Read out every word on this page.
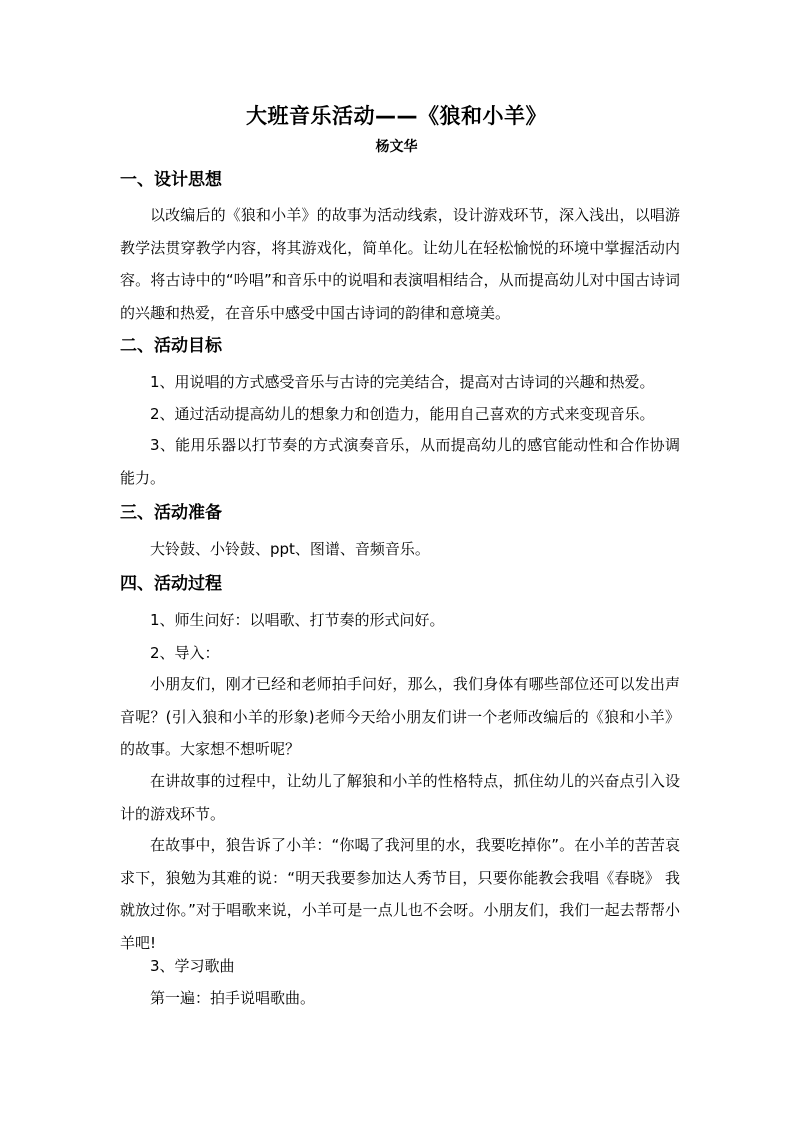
大班音乐活动——《狼和小羊》
杨文华
一、设计思想
以改编后的《狼和小羊》的故事为活动线索，设计游戏环节，深入浅出，以唱游教学法贯穿教学内容，将其游戏化，简单化。让幼儿在轻松愉悦的环境中掌握活动内容。将古诗中的“吟唱”和音乐中的说唱和表演唱相结合，从而提高幼儿对中国古诗词的兴趣和热爱，在音乐中感受中国古诗词的韵律和意境美。
二、活动目标
1、用说唱的方式感受音乐与古诗的完美结合，提高对古诗词的兴趣和热爱。
2、通过活动提高幼儿的想象力和创造力，能用自己喜欢的方式来变现音乐。
3、能用乐器以打节奏的方式演奏音乐，从而提高幼儿的感官能动性和合作协调能力。
三、活动准备
大铃鼓、小铃鼓、ppt、图谱、音频音乐。
四、活动过程
1、师生问好：以唱歌、打节奏的形式问好。
2、导入：
小朋友们，刚才已经和老师拍手问好，那么，我们身体有哪些部位还可以发出声音呢？(引入狼和小羊的形象)老师今天给小朋友们讲一个老师改编后的《狼和小羊》的故事。大家想不想听呢？
在讲故事的过程中，让幼儿了解狼和小羊的性格特点，抓住幼儿的兴奋点引入设计的游戏环节。
在故事中，狼告诉了小羊：“你喝了我河里的水，我要吃掉你”。在小羊的苦苦哀求下，狼勉为其难的说：“明天我要参加达人秀节目，只要你能教会我唱《春晓》 我就放过你。”对于唱歌来说，小羊可是一点儿也不会呀。小朋友们，我们一起去帮帮小羊吧!
3、学习歌曲
第一遍：拍手说唱歌曲。
